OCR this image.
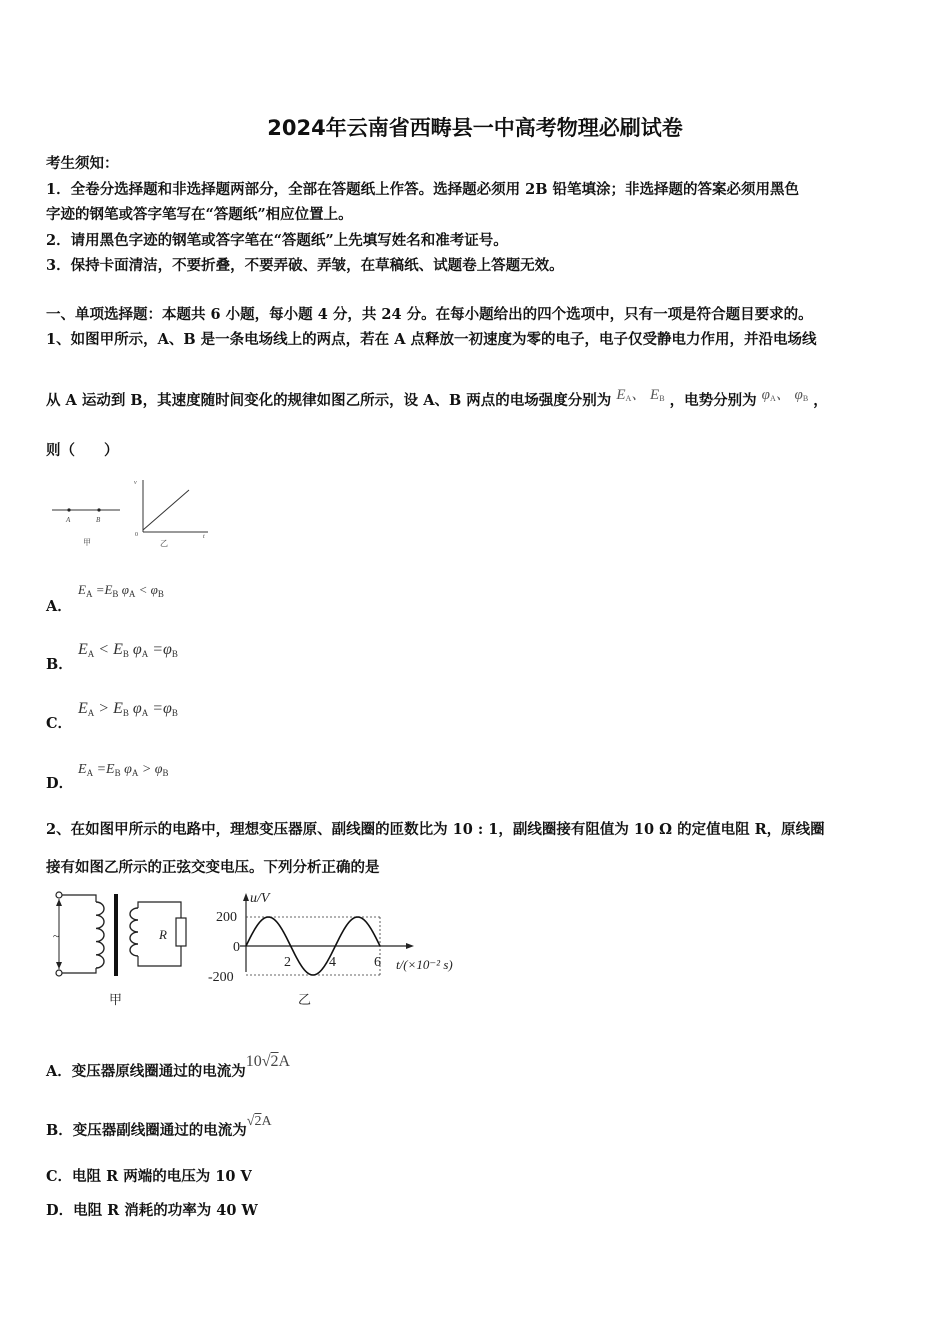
2024年云南省西畴县一中高考物理必刷试卷
考生须知：
1．全卷分选择题和非选择题两部分，全部在答题纸上作答。选择题必须用 2B 铅笔填涂；非选择题的答案必须用黑色
字迹的钢笔或答字笔写在“答题纸”相应位置上。
2．请用黑色字迹的钢笔或答字笔在“答题纸”上先填写姓名和准考证号。
3．保持卡面清洁，不要折叠，不要弄破、弄皱，在草稿纸、试题卷上答题无效。
一、单项选择题：本题共 6 小题，每小题 4 分，共 24 分。在每小题给出的四个选项中，只有一项是符合题目要求的。
1、如图甲所示，A、B 是一条电场线上的两点，若在 A 点释放一初速度为零的电子，电子仅受静电力作用，并沿电场线
从 A 运动到 B，其速度随时间变化的规律如图乙所示，设 A、B 两点的电场强度分别为 EA、 EB ，电势分别为 φA、 φB ，
则（　　）
A	B
甲
v
0
乙
t
A．
$E_A =E_B$ $\varphi_A < \varphi_B$
B．
$E_A < E_B$ $\varphi_A =\varphi_B$
C．
$E_A > E_B$ $\varphi_A =\varphi_B$
D．
$E_A =E_B$ $\varphi_A > \varphi_B$
2、在如图甲所示的电路中，理想变压器原、副线圈的匝数比为 10 : 1，副线圈接有阻值为 10 Ω 的定值电阻 R，原线圈
接有如图乙所示的正弦交变电压。下列分析正确的是
~	R
甲
u/V
200
0
-200
2	4	6 t/(×10⁻² s)
乙
A．变压器原线圈通过的电流为10√2A
B．变压器副线圈通过的电流为√2A
C．电阻 R 两端的电压为 10 V
D．电阻 R 消耗的功率为 40 W
